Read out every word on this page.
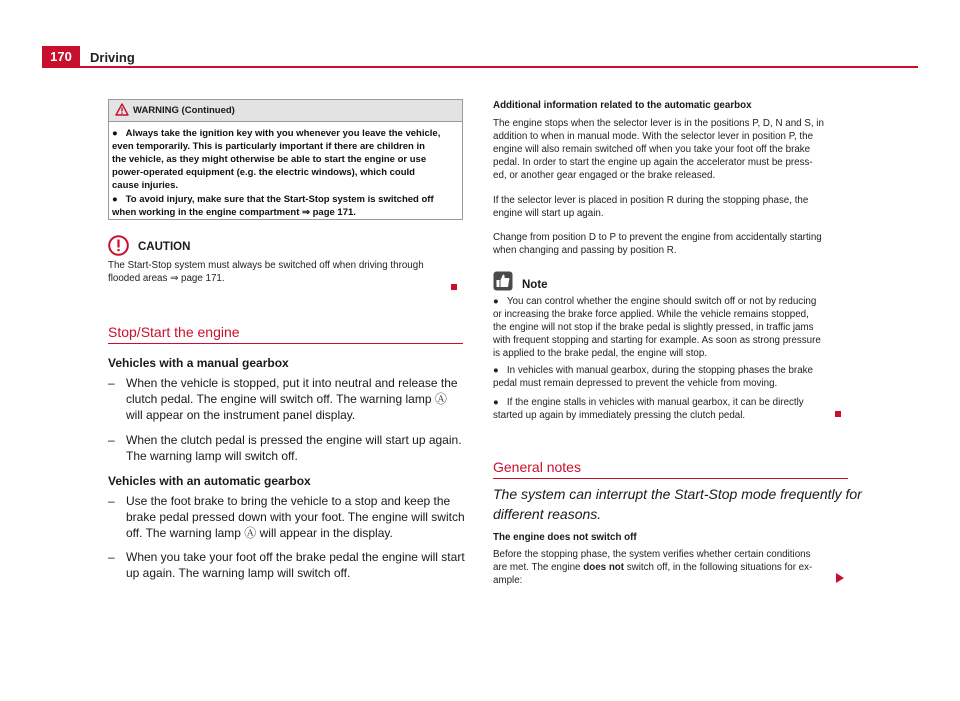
170	Driving
WARNING (Continued)
● Always take the ignition key with you whenever you leave the vehicle,
even temporarily. This is particularly important if there are children in
the vehicle, as they might otherwise be able to start the engine or use
power-operated equipment (e.g. the electric windows), which could
cause injuries.
● To avoid injury, make sure that the Start-Stop system is switched off
when working in the engine compartment ⇒ page 171.
CAUTION
The Start-Stop system must always be switched off when driving through
flooded areas ⇒ page 171.
Stop/Start the engine
Vehicles with a manual gearbox
– When the vehicle is stopped, put it into neutral and release the
clutch pedal. The engine will switch off. The warning lamp Ⓐ
will appear on the instrument panel display.
– When the clutch pedal is pressed the engine will start up again.
The warning lamp will switch off.
Vehicles with an automatic gearbox
– Use the foot brake to bring the vehicle to a stop and keep the
brake pedal pressed down with your foot. The engine will switch
off. The warning lamp Ⓐ will appear in the display.
– When you take your foot off the brake pedal the engine will start
up again. The warning lamp will switch off.
Additional information related to the automatic gearbox
The engine stops when the selector lever is in the positions P, D, N and S, in
addition to when in manual mode. With the selector lever in position P, the
engine will also remain switched off when you take your foot off the brake
pedal. In order to start the engine up again the accelerator must be press-
ed, or another gear engaged or the brake released.
If the selector lever is placed in position R during the stopping phase, the
engine will start up again.
Change from position D to P to prevent the engine from accidentally starting
when changing and passing by position R.
Note
● You can control whether the engine should switch off or not by reducing
or increasing the brake force applied. While the vehicle remains stopped,
the engine will not stop if the brake pedal is slightly pressed, in traffic jams
with frequent stopping and starting for example. As soon as strong pressure
is applied to the brake pedal, the engine will stop.
● In vehicles with manual gearbox, during the stopping phases the brake
pedal must remain depressed to prevent the vehicle from moving.
● If the engine stalls in vehicles with manual gearbox, it can be directly
started up again by immediately pressing the clutch pedal.
General notes
The system can interrupt the Start-Stop mode frequently for
different reasons.
The engine does not switch off
Before the stopping phase, the system verifies whether certain conditions
are met. The engine does not switch off, in the following situations for ex-
ample:
